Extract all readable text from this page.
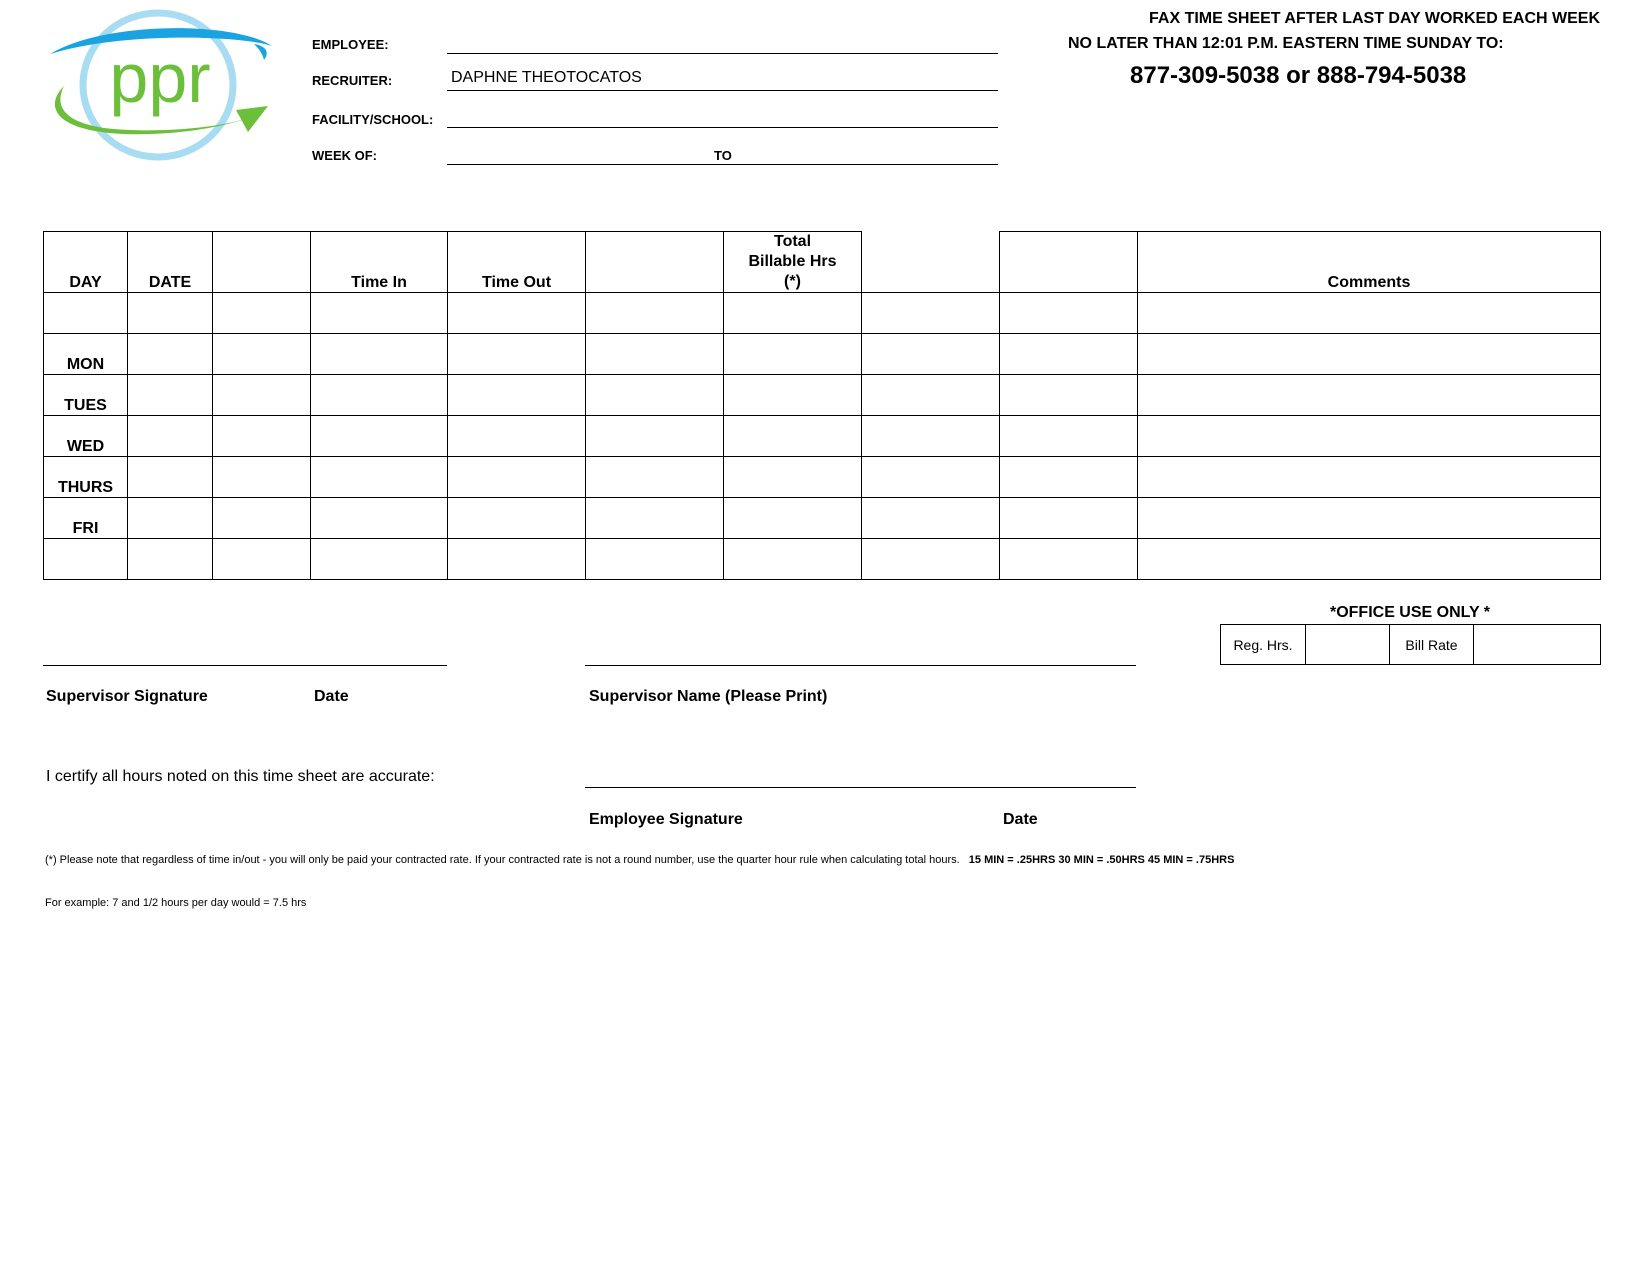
ppr	EMPLOYEE:
RECRUITER:	DAPHNE THEOTOCATOS
FACILITY/SCHOOL:
WEEK OF:	TO
FAX TIME SHEET AFTER LAST DAY WORKED EACH WEEK
NO LATER THAN 12:01 P.M. EASTERN TIME SUNDAY TO:
877-309-5038 or 888-794-5038
DAY	DATE		Time In	Time Out		Total Billable Hrs (*)			Comments

MON									
TUES									
WED									
THURS									
FRI									

*OFFICE USE ONLY *
Reg. Hrs.		Bill Rate	
Supervisor Signature	Date	Supervisor Name (Please Print)
I certify all hours noted on this time sheet are accurate:
Employee Signature	Date
(*) Please note that regardless of time in/out - you will only be paid your contracted rate. If your contracted rate is not a round number, use the quarter hour rule when calculating total hours. 15 MIN = .25HRS 30 MIN = .50HRS 45 MIN = .75HRS
For example: 7 and 1/2 hours per day would = 7.5 hrs
